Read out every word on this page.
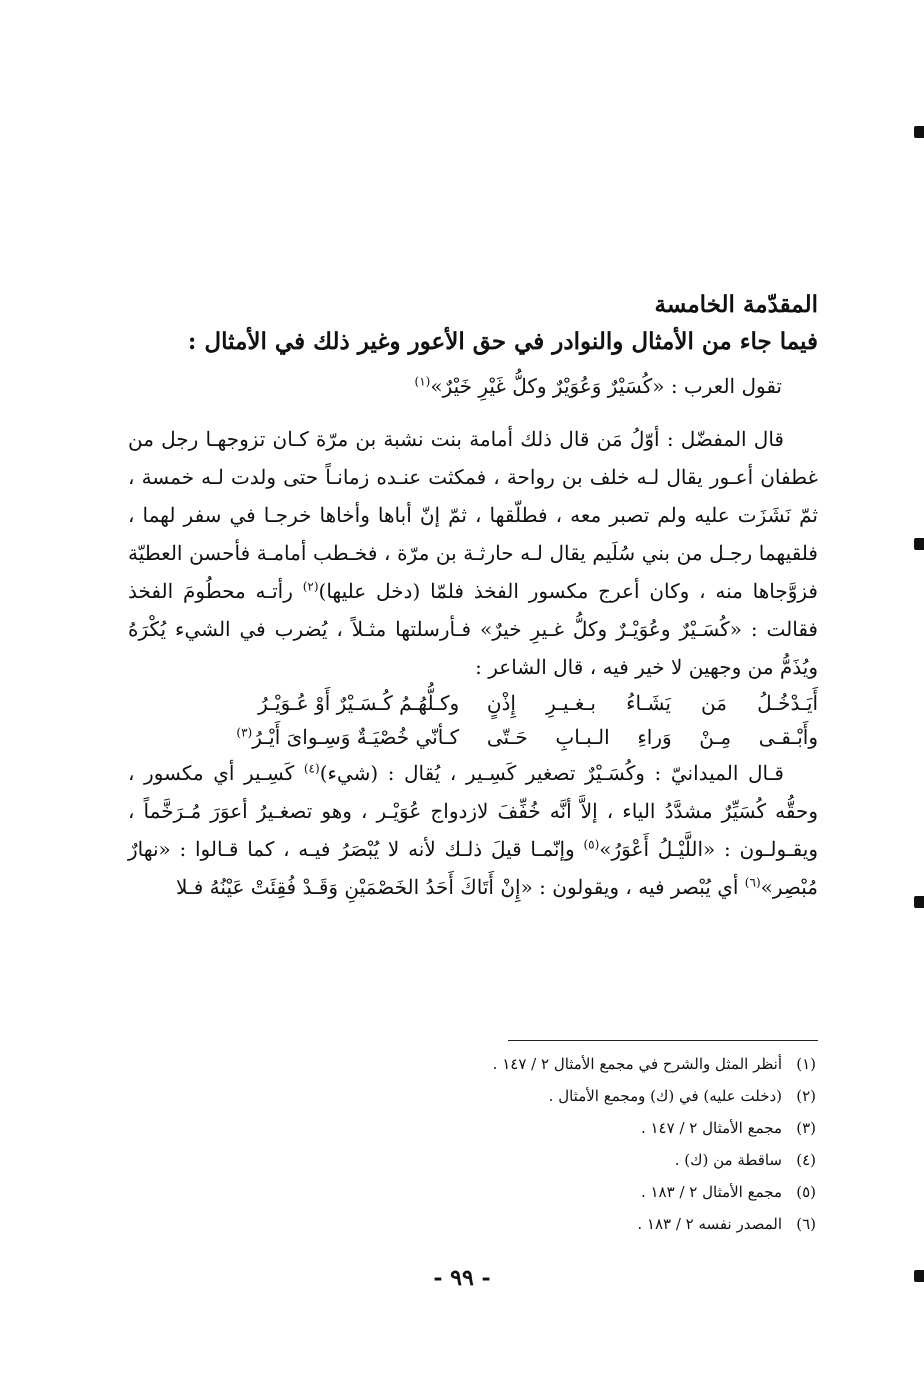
المقدّمة الخامسة
فيما جاء من الأمثال والنوادر في حق الأعور وغير ذلك في الأمثال :

تقول العرب : «كُسَيْرٌ وَعُوَيْرٌ وكلُّ غَيْرِ خَيْرٌ»$^{(١)}$

قال المفضّل : أوّلُ مَن قال ذلك أمامة بنت نشبة بن مرّة كـان تزوجهـا رجل من غطفان أعـور يقال لـه خلف بن رواحة ، فمكثت عنـده زمانـاً حتى ولدت لـه خمسة ، ثمّ نَشَزَت عليه ولم تصبر معه ، فطلّقها ، ثمّ إنّ أباها وأخاها خرجـا في سفر لهما ، فلقيهما رجـل من بني سُلَيم يقال لـه حارثـة بن مرّة ، فخـطب أمامـة فأحسن العطيّة فزوَّجاها منه ، وكان أعرج مكسور الفخذ فلمّا (دخل عليها)$^{(٢)}$ رأتـه محطُومَ الفخذ فقالت : «كُسَـيْرٌ وعُوَيْـرٌ وكلُّ غـيرِ خيرٌ» فـأرسلتها مثـلاً ، يُضرب في الشيء يُكْرَهُ ويُذَمُّ من وجهين لا خير فيه ، قال الشاعر :

أَيَـدْخُـلُ مَن يَشَـاءُ بـغـيـرِ إِذْنٍ
وكـلُّهُـمُ كُـسَـيْرٌ أَوْ عُـوَيْـرُ
وأَبْـقـى مِـنْ وَراءِ الـبـابِ حَـتّى
كـأنّي خُصْيَـةٌ وَسِـواىَ أَيْـرُ$^{(٣)}$

قـال الميدانيّ : وكُسَـيْرٌ تصغير كَسِـير ، يُقال : (شيء)$^{(٤)}$ كَسِـير أي مكسور ، وحقُّه كُسَيِّرٌ مشدَّدُ الياء ، إلاَّ أنَّه خُفِّفَ لازدواج عُوَيْـر ، وهو تصغـيرُ أعوَرَ مُـرَخَّماً ، ويقـولـون : «اللَّيْـلُ أَعْوَرُ»$^{(٥)}$ وإنّمـا قيلَ ذلـك لأنه لا يُبْصَرُ فيـه ، كما قـالوا : «نهارٌ مُبْصِر»$^{(٦)}$ أي يُبْصر فيه ، ويقولون : «إِنْ أَتَاكَ أَحَدُ الخَصْمَيْنِ وَقَـدْ فُقِئَتْ عَيْنُهُ فـلا

(١)
أنظر المثل والشرح في مجمع الأمثال ٢ / ١٤٧ .
(٢)
(دخلت عليه) في (ك) ومجمع الأمثال .
(٣)
مجمع الأمثال ٢ / ١٤٧ .
(٤)
ساقطة من (ك) .
(٥)
مجمع الأمثال ٢ / ١٨٣ .
(٦)
المصدر نفسه ٢ / ١٨٣ .
- ٩٩ -
